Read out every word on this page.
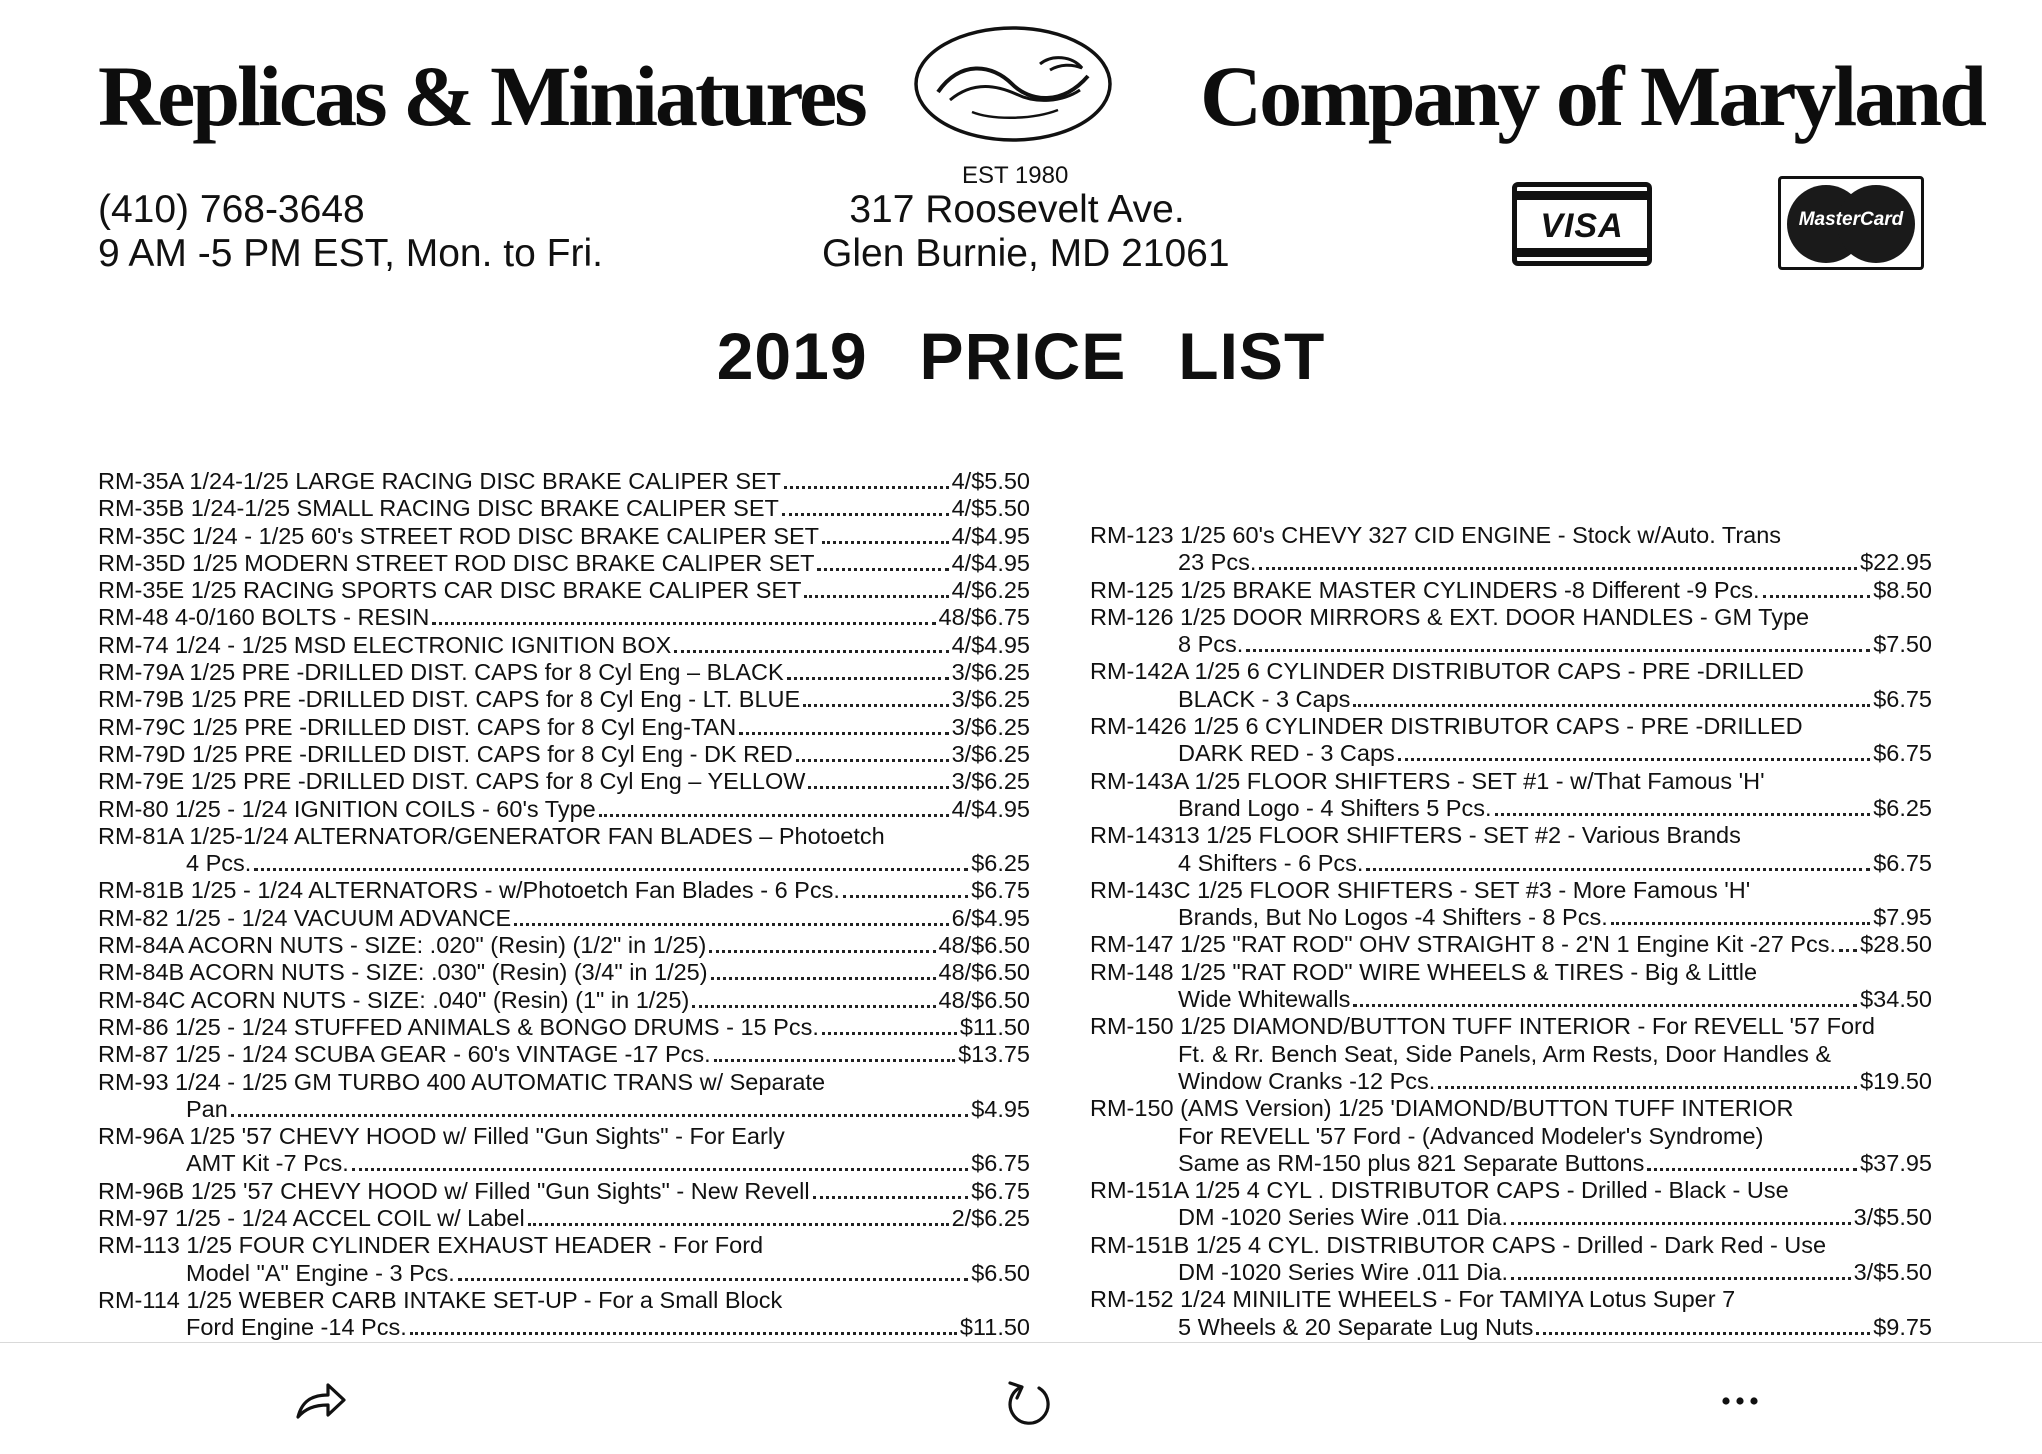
Replicas & Miniatures	Company of Maryland
EST 1980
(410) 768-3648
9 AM -5 PM EST, Mon. to Fri.
317 Roosevelt Ave.
Glen Burnie, MD 21061
VISA	MasterCard
2019 PRICE LIST
RM-35A 1/24-1/25 LARGE RACING DISC BRAKE CALIPER SET	4/$5.50
RM-35B 1/24-1/25 SMALL RACING DISC BRAKE CALIPER SET	4/$5.50
RM-35C 1/24 - 1/25 60's STREET ROD DISC BRAKE CALIPER SET	4/$4.95
RM-35D 1/25 MODERN STREET ROD DISC BRAKE CALIPER SET	4/$4.95
RM-35E 1/25 RACING SPORTS CAR DISC BRAKE CALIPER SET	4/$6.25
RM-48 4-0/160 BOLTS - RESIN	48/$6.75
RM-74 1/24 - 1/25 MSD ELECTRONIC IGNITION BOX	4/$4.95
RM-79A 1/25 PRE -DRILLED DIST. CAPS for 8 Cyl Eng – BLACK	3/$6.25
RM-79B 1/25 PRE -DRILLED DIST. CAPS for 8 Cyl Eng - LT. BLUE	3/$6.25
RM-79C 1/25 PRE -DRILLED DIST. CAPS for 8 Cyl Eng-TAN	3/$6.25
RM-79D 1/25 PRE -DRILLED DIST. CAPS for 8 Cyl Eng - DK RED	3/$6.25
RM-79E 1/25 PRE -DRILLED DIST. CAPS for 8 Cyl Eng – YELLOW	3/$6.25
RM-80 1/25 - 1/24 IGNITION COILS - 60's Type	4/$4.95
RM-81A 1/25-1/24 ALTERNATOR/GENERATOR FAN BLADES – Photoetch
4 Pcs.	$6.25
RM-81B 1/25 - 1/24 ALTERNATORS - w/Photoetch Fan Blades - 6 Pcs.	$6.75
RM-82 1/25 - 1/24 VACUUM ADVANCE	6/$4.95
RM-84A ACORN NUTS - SIZE: .020" (Resin) (1/2" in 1/25)	48/$6.50
RM-84B ACORN NUTS - SIZE: .030" (Resin) (3/4" in 1/25)	48/$6.50
RM-84C ACORN NUTS - SIZE: .040" (Resin) (1" in 1/25)	48/$6.50
RM-86 1/25 - 1/24 STUFFED ANIMALS & BONGO DRUMS - 15 Pcs.	$11.50
RM-87 1/25 - 1/24 SCUBA GEAR - 60's VINTAGE -17 Pcs.	$13.75
RM-93 1/24 - 1/25 GM TURBO 400 AUTOMATIC TRANS w/ Separate
Pan	$4.95
RM-96A 1/25 '57 CHEVY HOOD w/ Filled "Gun Sights" - For Early
AMT Kit -7 Pcs.	$6.75
RM-96B 1/25 '57 CHEVY HOOD w/ Filled "Gun Sights" - New Revell	$6.75
RM-97 1/25 - 1/24 ACCEL COIL w/ Label	2/$6.25
RM-113 1/25 FOUR CYLINDER EXHAUST HEADER - For Ford
Model "A" Engine - 3 Pcs.	$6.50
RM-114 1/25 WEBER CARB INTAKE SET-UP - For a Small Block
Ford Engine -14 Pcs.	$11.50
RM-123 1/25 60's CHEVY 327 CID ENGINE - Stock w/Auto. Trans
23 Pcs.	$22.95
RM-125 1/25 BRAKE MASTER CYLINDERS -8 Different -9 Pcs.	$8.50
RM-126 1/25 DOOR MIRRORS & EXT. DOOR HANDLES - GM Type
8 Pcs.	$7.50
RM-142A 1/25 6 CYLINDER DISTRIBUTOR CAPS - PRE -DRILLED
BLACK - 3 Caps	$6.75
RM-1426 1/25 6 CYLINDER DISTRIBUTOR CAPS - PRE -DRILLED
DARK RED - 3 Caps	$6.75
RM-143A 1/25 FLOOR SHIFTERS - SET #1 - w/That Famous 'H'
Brand Logo - 4 Shifters 5 Pcs.	$6.25
RM-14313 1/25 FLOOR SHIFTERS - SET #2 - Various Brands
4 Shifters - 6 Pcs.	$6.75
RM-143C 1/25 FLOOR SHIFTERS - SET #3 - More Famous 'H'
Brands, But No Logos -4 Shifters - 8 Pcs.	$7.95
RM-147 1/25 "RAT ROD" OHV STRAIGHT 8 - 2'N 1 Engine Kit -27 Pcs. $28.50
RM-148 1/25 "RAT ROD" WIRE WHEELS & TIRES - Big & Little
Wide Whitewalls	$34.50
RM-150 1/25 DIAMOND/BUTTON TUFF INTERIOR - For REVELL '57 Ford
Ft. & Rr. Bench Seat, Side Panels, Arm Rests, Door Handles &
Window Cranks -12 Pcs.	$19.50
RM-150 (AMS Version) 1/25 'DIAMOND/BUTTON TUFF INTERIOR
For REVELL '57 Ford - (Advanced Modeler's Syndrome)
Same as RM-150 plus 821 Separate Buttons	$37.95
RM-151A 1/25 4 CYL . DISTRIBUTOR CAPS - Drilled - Black - Use
DM -1020 Series Wire .011 Dia.	3/$5.50
RM-151B 1/25 4 CYL. DISTRIBUTOR CAPS - Drilled - Dark Red - Use
DM -1020 Series Wire .011 Dia.	3/$5.50
RM-152 1/24 MINILITE WHEELS - For TAMIYA Lotus Super 7
5 Wheels & 20 Separate Lug Nuts	$9.75
